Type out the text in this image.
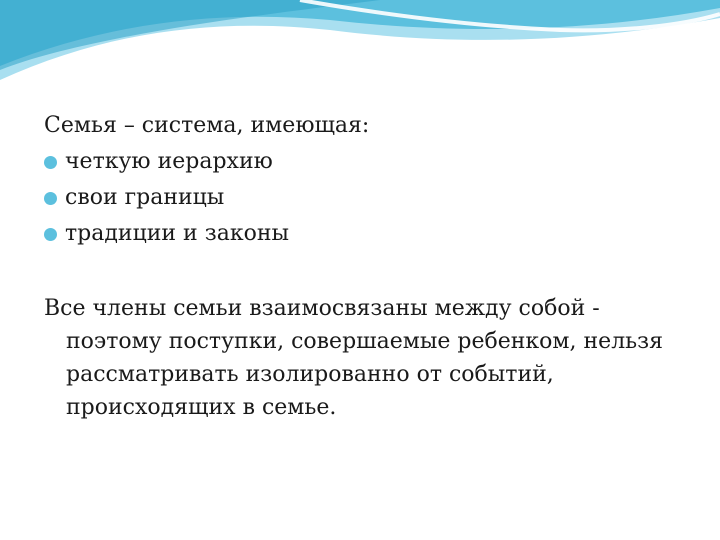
Семья – система, имеющая:

четкую иерархию
свои границы
традиции и законы

Все члены семьи взаимосвязаны между собой - поэтому поступки, совершаемые ребенком, нельзя рассматривать изолированно от событий, происходящих в семье.
